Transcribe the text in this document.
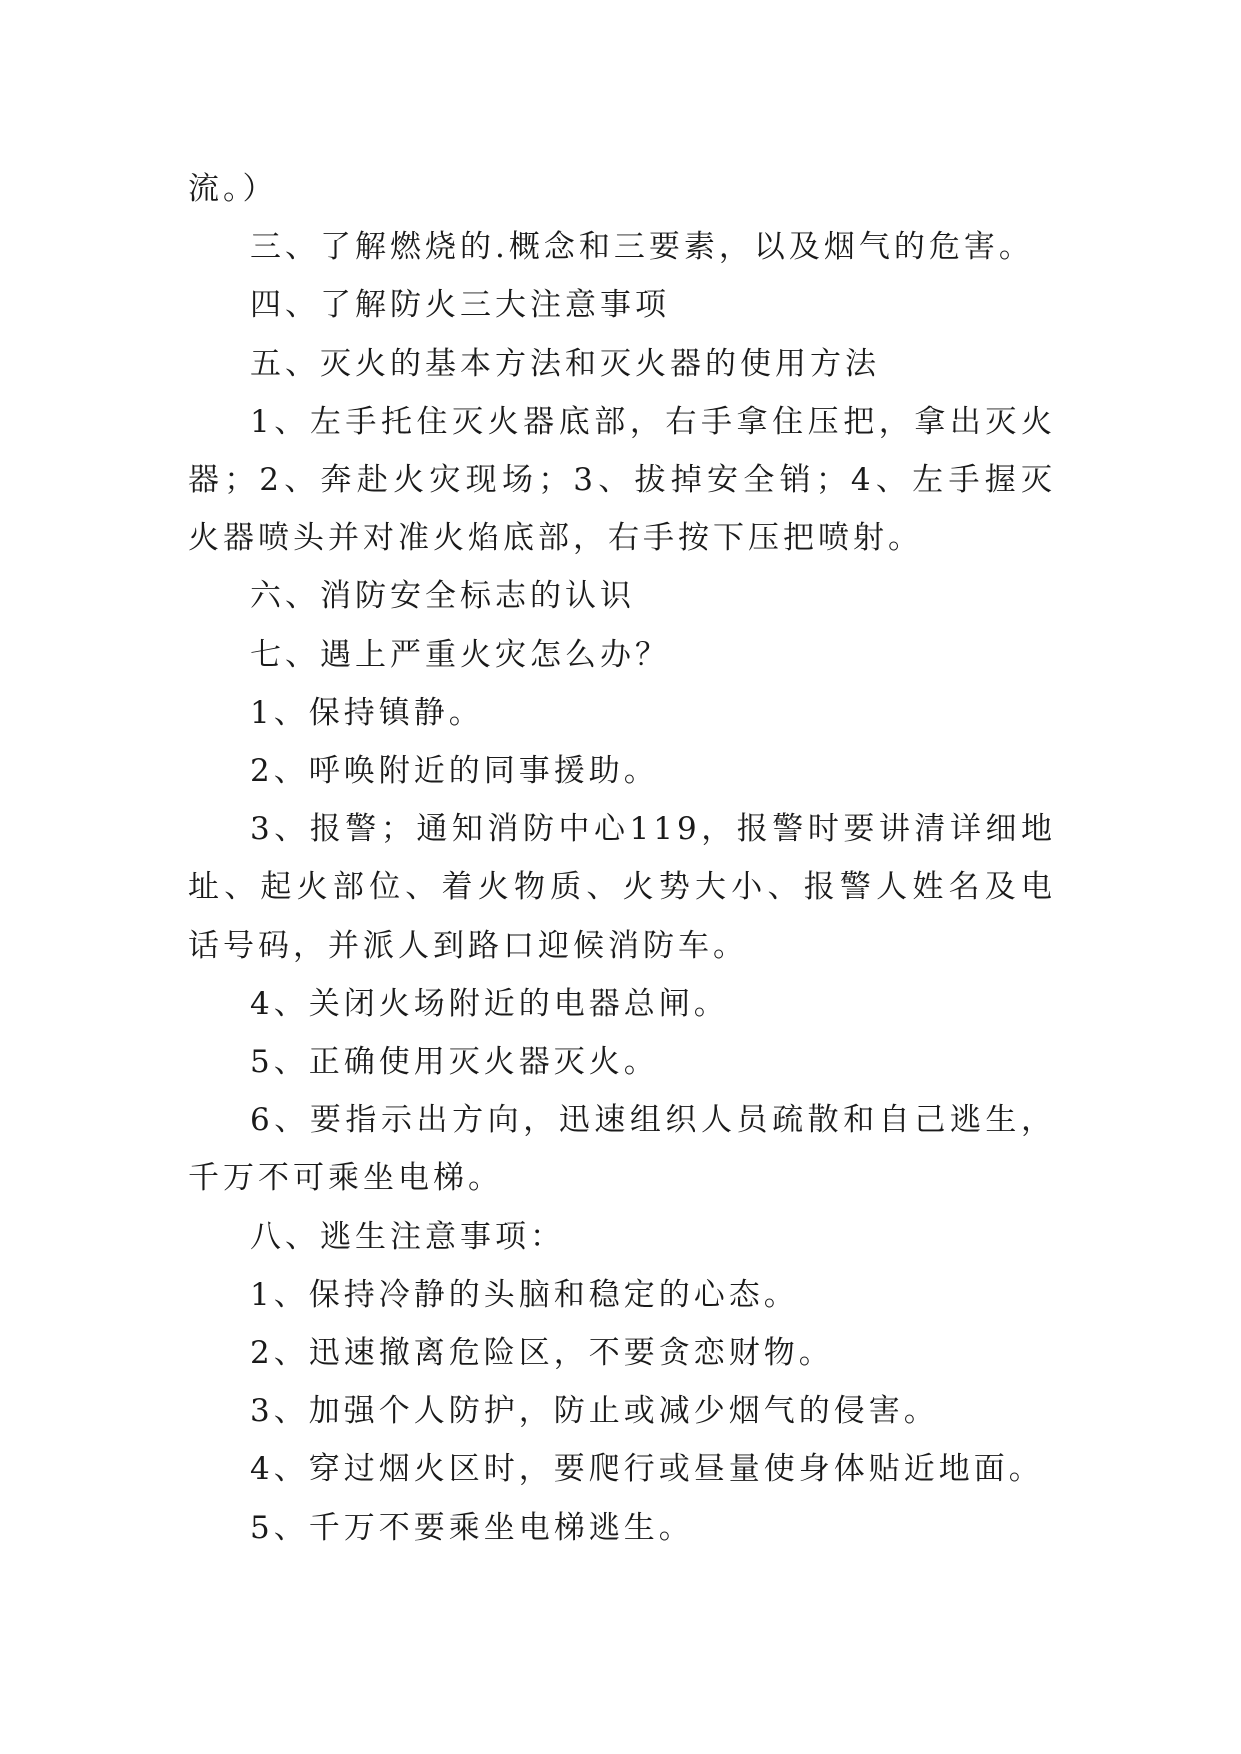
流。）

三、了解燃烧的.概念和三要素，以及烟气的危害。

四、了解防火三大注意事项

五、灭火的基本方法和灭火器的使用方法

1、左手托住灭火器底部，右手拿住压把，拿出灭火器；2、奔赴火灾现场；3、拔掉安全销；4、左手握灭火器喷头并对准火焰底部，右手按下压把喷射。

六、消防安全标志的认识

七、遇上严重火灾怎么办？

1、保持镇静。

2、呼唤附近的同事援助。

3、报警；通知消防中心119，报警时要讲清详细地址、起火部位、着火物质、火势大小、报警人姓名及电话号码，并派人到路口迎候消防车。

4、关闭火场附近的电器总闸。

5、正确使用灭火器灭火。

6、要指示出方向，迅速组织人员疏散和自己逃生，千万不可乘坐电梯。

八、逃生注意事项：

1、保持冷静的头脑和稳定的心态。

2、迅速撤离危险区，不要贪恋财物。

3、加强个人防护，防止或减少烟气的侵害。

4、穿过烟火区时，要爬行或昼量使身体贴近地面。

5、千万不要乘坐电梯逃生。
